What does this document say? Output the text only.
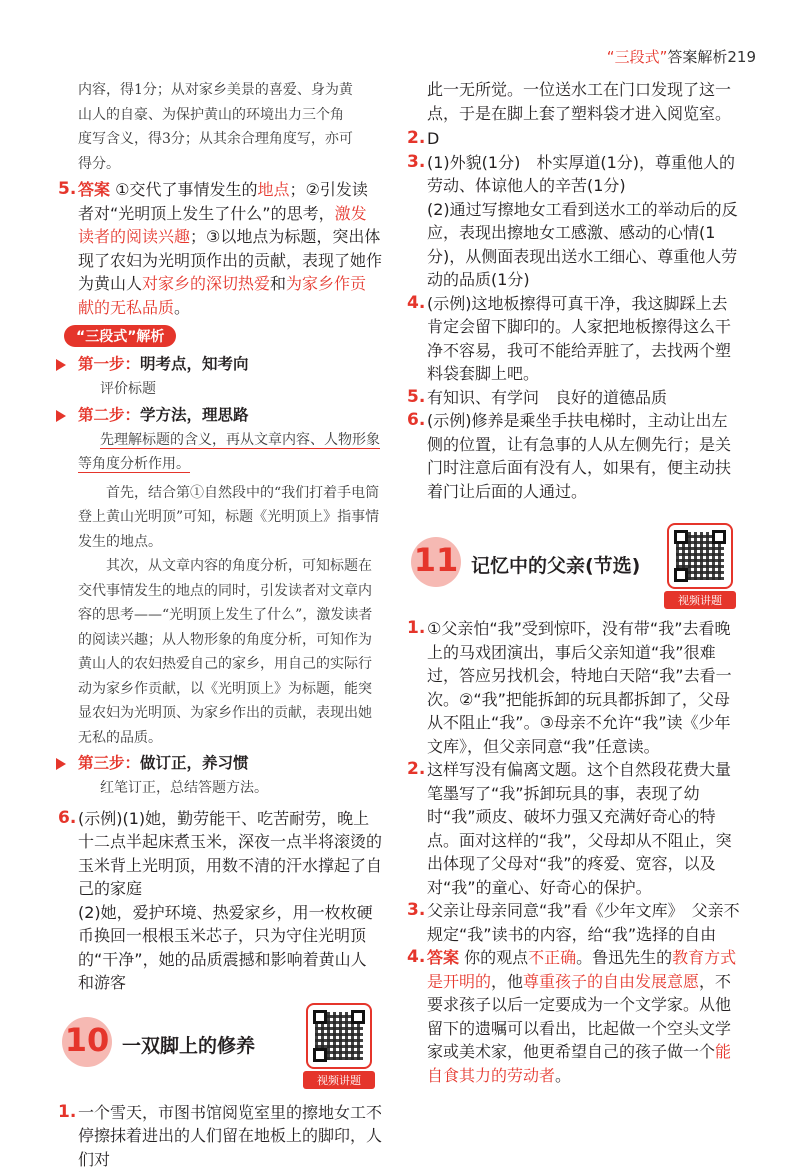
“三段式”答案解析219
内容，得1分；从对家乡美景的喜爱、身为黄
山人的自豪、为保护黄山的环境出力三个角
度写含义，得3分；从其余合理角度写，亦可
得分。
5. 答案 ①交代了事情发生的地点；②引发读者对“光明顶上发生了什么”的思考，激发读者的阅读兴趣；③以地点为标题，突出体现了农妇为光明顶作出的贡献，表现了她作为黄山人对家乡的深切热爱和为家乡作贡献的无私品质。
“三段式”解析
第一步：明考点，知考向
评价标题
第二步：学方法，理思路
先理解标题的含义，再从文章内容、人物形象等角度分析作用。
首先，结合第①自然段中的“我们打着手电筒登上黄山光明顶”可知，标题《光明顶上》指事情发生的地点。
其次，从文章内容的角度分析，可知标题在交代事情发生的地点的同时，引发读者对文章内容的思考——“光明顶上发生了什么”，激发读者的阅读兴趣；从人物形象的角度分析，可知作为黄山人的农妇热爱自己的家乡，用自己的实际行动为家乡作贡献，以《光明顶上》为标题，能突显农妇为光明顶、为家乡作出的贡献，表现出她无私的品质。
第三步：做订正，养习惯
红笔订正，总结答题方法。
6. (示例)(1)她，勤劳能干、吃苦耐劳，晚上十二点半起床煮玉米，深夜一点半将滚烫的玉米背上光明顶，用数不清的汗水撑起了自己的家庭
(2)她，爱护环境、热爱家乡，用一枚枚硬币换回一根根玉米芯子，只为守住光明顶的“干净”，她的品质震撼和影响着黄山人和游客
10 一双脚上的修养
视频讲题
1. 一个雪天，市图书馆阅览室里的擦地女工不停擦抹着进出的人们留在地板上的脚印，人们对
此一无所觉。一位送水工在门口发现了这一点，于是在脚上套了塑料袋才进入阅览室。
2. D
3. (1)外貌(1分)　朴实厚道(1分)，尊重他人的劳动、体谅他人的辛苦(1分)
(2)通过写擦地女工看到送水工的举动后的反应，表现出擦地女工感激、感动的心情(1分)，从侧面表现出送水工细心、尊重他人劳动的品质(1分)
4. (示例)这地板擦得可真干净，我这脚踩上去肯定会留下脚印的。人家把地板擦得这么干净不容易，我可不能给弄脏了，去找两个塑料袋套脚上吧。
5. 有知识、有学问　良好的道德品质
6. (示例)修养是乘坐手扶电梯时，主动让出左侧的位置，让有急事的人从左侧先行；是关门时注意后面有没有人，如果有，便主动扶着门让后面的人通过。
11 记忆中的父亲(节选)
视频讲题
1. ①父亲怕“我”受到惊吓，没有带“我”去看晚上的马戏团演出，事后父亲知道“我”很难过，答应另找机会，特地白天陪“我”去看一次。②“我”把能拆卸的玩具都拆卸了，父母从不阻止“我”。③母亲不允许“我”读《少年文库》，但父亲同意“我”任意读。
2. 这样写没有偏离文题。这个自然段花费大量笔墨写了“我”拆卸玩具的事，表现了幼时“我”顽皮、破坏力强又充满好奇心的特点。面对这样的“我”，父母却从不阻止，突出体现了父母对“我”的疼爱、宽容，以及对“我”的童心、好奇心的保护。
3. 父亲让母亲同意“我”看《少年文库》　父亲不规定“我”读书的内容，给“我”选择的自由
4. 答案 你的观点不正确。鲁迅先生的教育方式是开明的，他尊重孩子的自由发展意愿，不要求孩子以后一定要成为一个文学家。从他留下的遗嘱可以看出，比起做一个空头文学家或美术家，他更希望自己的孩子做一个能自食其力的劳动者。
